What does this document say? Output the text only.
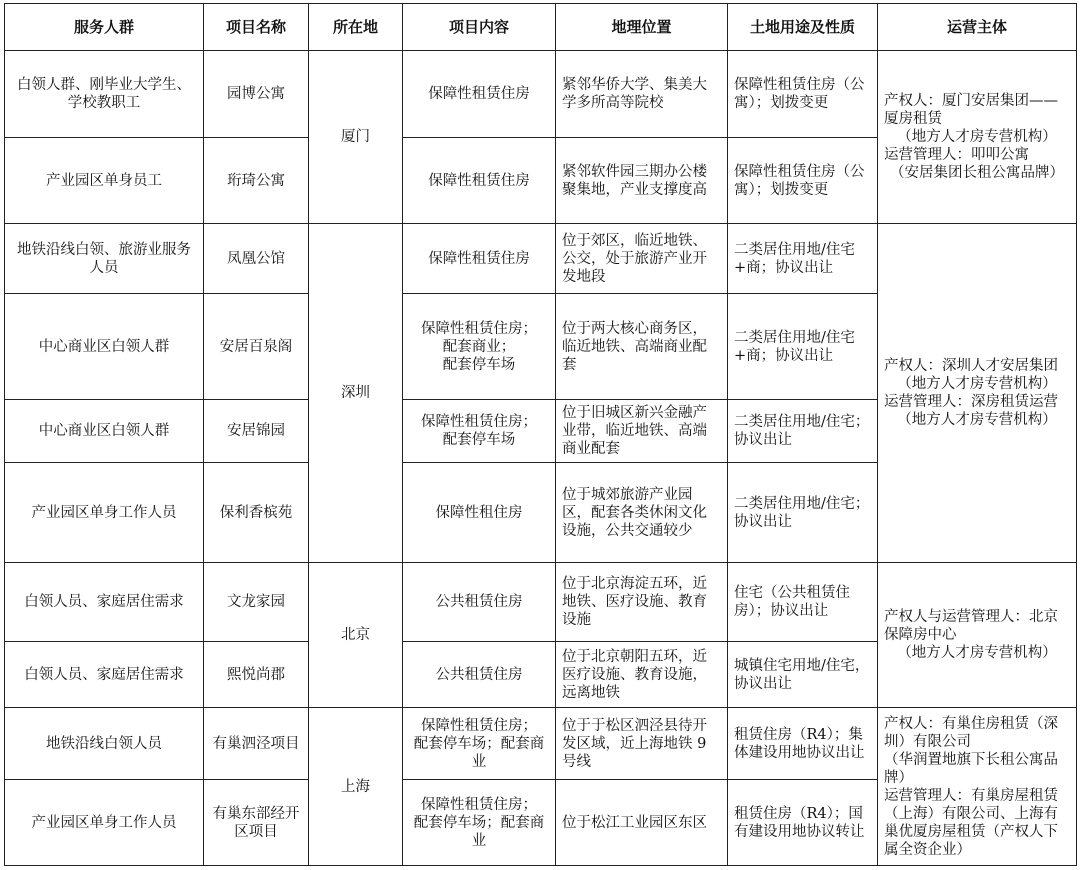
服务人群	项目名称	所在地	项目内容	地理位置	土地用途及性质	运营主体
白领人群、刚毕业大学生、学校教职工	园博公寓	厦门	保障性租赁住房	紧邻华侨大学、集美大学多所高等院校	保障性租赁住房（公寓）；划拨变更	产权人：厦门安居集团——厦房租赁
（地方人才房专营机构）
运营管理人：叩叩公寓
（安居集团长租公寓品牌）

产业园区单身员工	珩琦公寓		保障性租赁住房	紧邻软件园三期办公楼聚集地，产业支撑度高	保障性租赁住房（公寓）；划拨变更	
地铁沿线白领、旅游业服务人员	凤凰公馆	深圳	保障性租赁住房	位于郊区，临近地铁、公交，处于旅游产业开发地段	二类居住用地/住宅+商；协议出让	产权人：深圳人才安居集团
（地方人才房专营机构）
运营管理人：深房租赁运营
（地方人才房专营机构）

中心商业区白领人群	安居百泉阁		保障性租赁住房；
配套商业；
配套停车场	位于两大核心商务区，临近地铁、高端商业配套	二类居住用地/住宅+商；协议出让	
中心商业区白领人群	安居锦园		保障性租赁住房；
配套停车场	位于旧城区新兴金融产业带，临近地铁、高端商业配套	二类居住用地/住宅；协议出让	
产业园区单身工作人员	保利香槟苑		保障性租住房	位于城郊旅游产业园区，配套各类休闲文化设施，公共交通较少	二类居住用地/住宅；协议出让	
白领人员、家庭居住需求	文龙家园	北京	公共租赁住房	位于北京海淀五环，近地铁、医疗设施、教育设施	住宅（公共租赁住房）；协议出让	产权人与运营管理人：北京保障房中心
（地方人才房专营机构）

白领人员、家庭居住需求	熙悦尚郡		公共租赁住房	位于北京朝阳五环，近医疗设施、教育设施，远离地铁	城镇住宅用地/住宅，协议出让	
地铁沿线白领人员	有巢泗泾项目	上海	保障性租赁住房；
配套停车场；配套商业	位于于松区泗泾县待开发区域，近上海地铁 9 号线	租赁住房（R4）；集体建设用地协议出让	产权人：有巢住房租赁（深圳）有限公司
（华润置地旗下长租公寓品牌）
运营管理人：有巢房屋租赁（上海）有限公司、上海有巢优厦房屋租赁（产权人下属全资企业）

产业园区单身工作人员	有巢东部经开区项目		保障性租赁住房；
配套停车场；配套商业	位于松江工业园区东区	租赁住房（R4）；国有建设用地协议转让	
